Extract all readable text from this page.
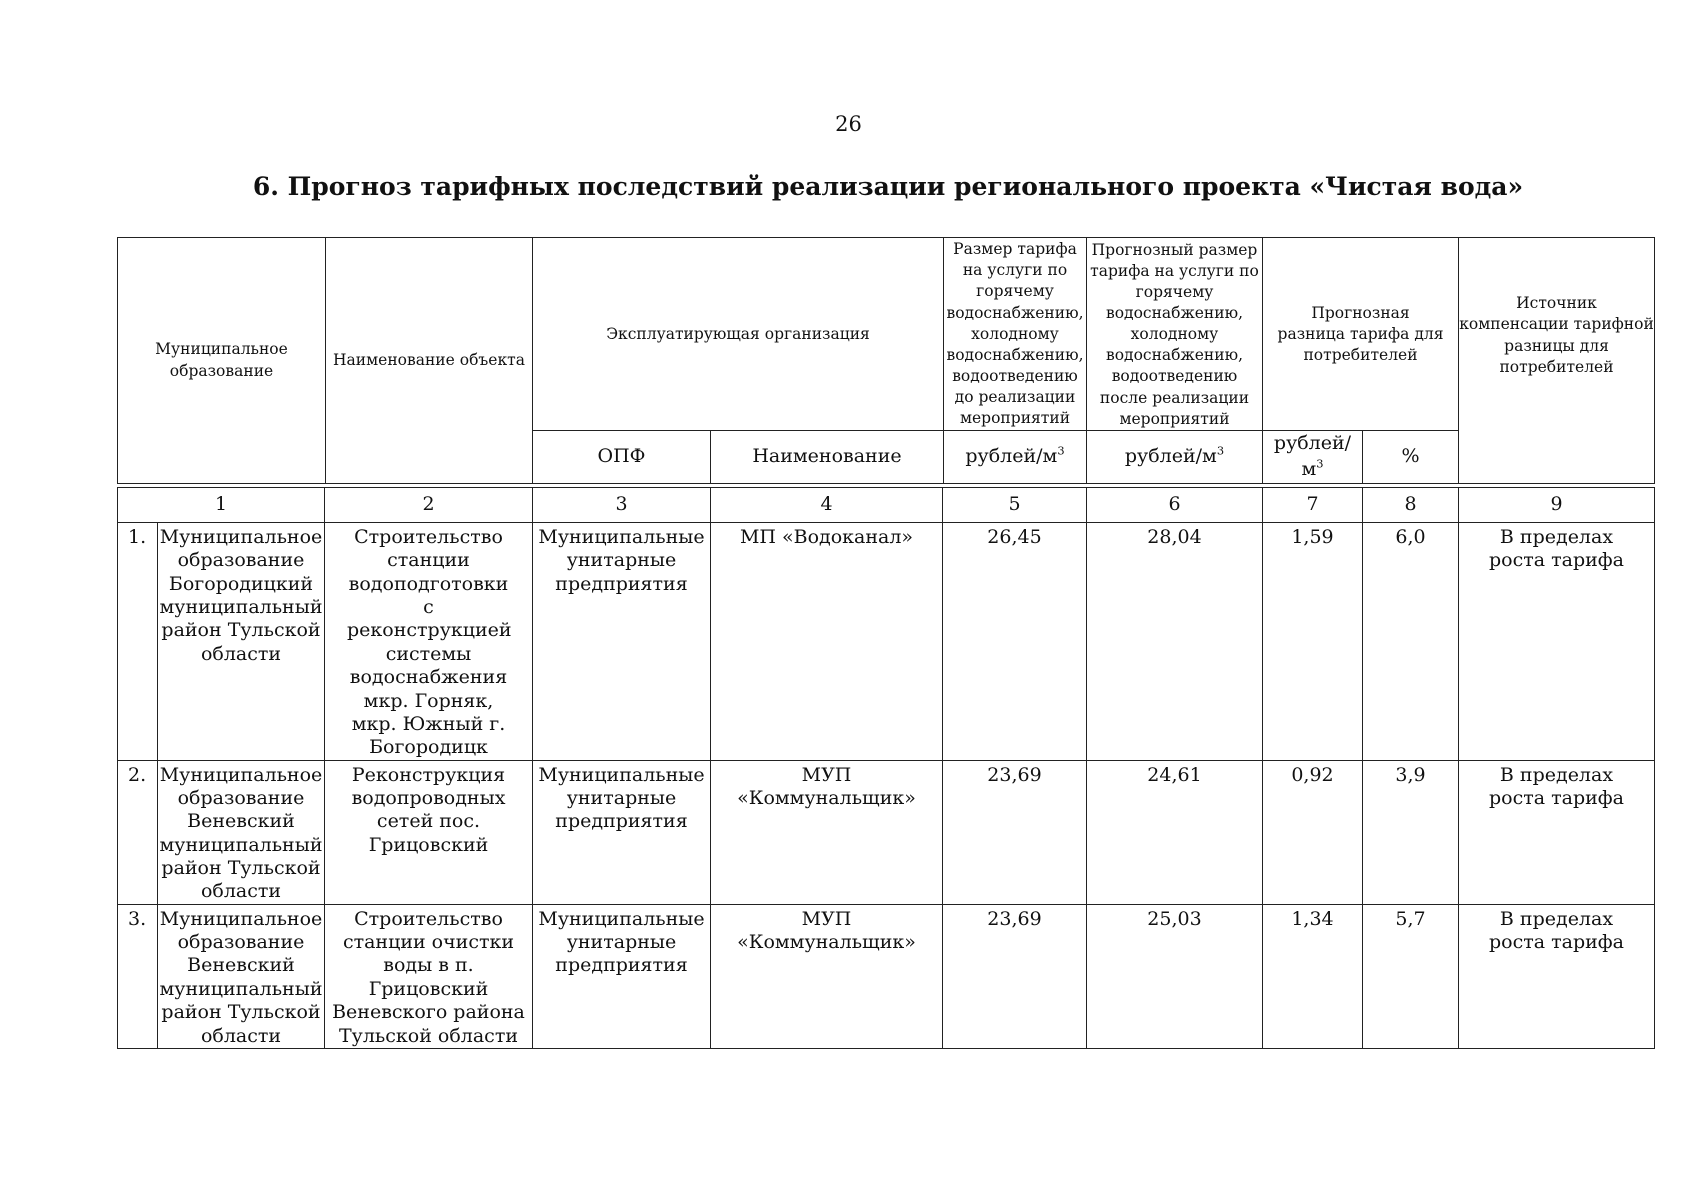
26
6. Прогноз тарифных последствий реализации регионального проекта «Чистая вода»
Муниципальное образование	Наименование объекта	Эксплуатирующая организация		Размер тарифа на услуги по горячему водоснабжению, холодному водоснабжению, водоотведению до реализации мероприятий	Прогнозный размер тарифа на услуги по горячему водоснабжению, холодному водоснабжению, водоотведению после реализации мероприятий	Прогнозная разница тарифа для потребителей		Источник компенсации тарифной разницы для потребителей
		ОПФ	Наименование	рублей/$м^3$	рублей/$м^3$	рублей/$м^3$	%	
1		2	3	4	5	6	7	8	9
1.	Муниципальное образование Богородицкий муниципальный район Тульской области	Строительство станции водоподготовки с реконструкцией системы водоснабжения мкр. Горняк, мкр. Южный г. Богородицк	Муниципальные унитарные предприятия	МП «Водоканал»	26,45	28,04	1,59	6,0	В пределах роста тарифа
2.	Муниципальное образование Веневский муниципальный район Тульской области	Реконструкция водопроводных сетей пос. Грицовский	Муниципальные унитарные предприятия	МУП «Коммунальщик»	23,69	24,61	0,92	3,9	В пределах роста тарифа
3.	Муниципальное образование Веневский муниципальный район Тульской области	Строительство станции очистки воды в п. Грицовский Веневского района Тульской области	Муниципальные унитарные предприятия	МУП «Коммунальщик»	23,69	25,03	1,34	5,7	В пределах роста тарифа
